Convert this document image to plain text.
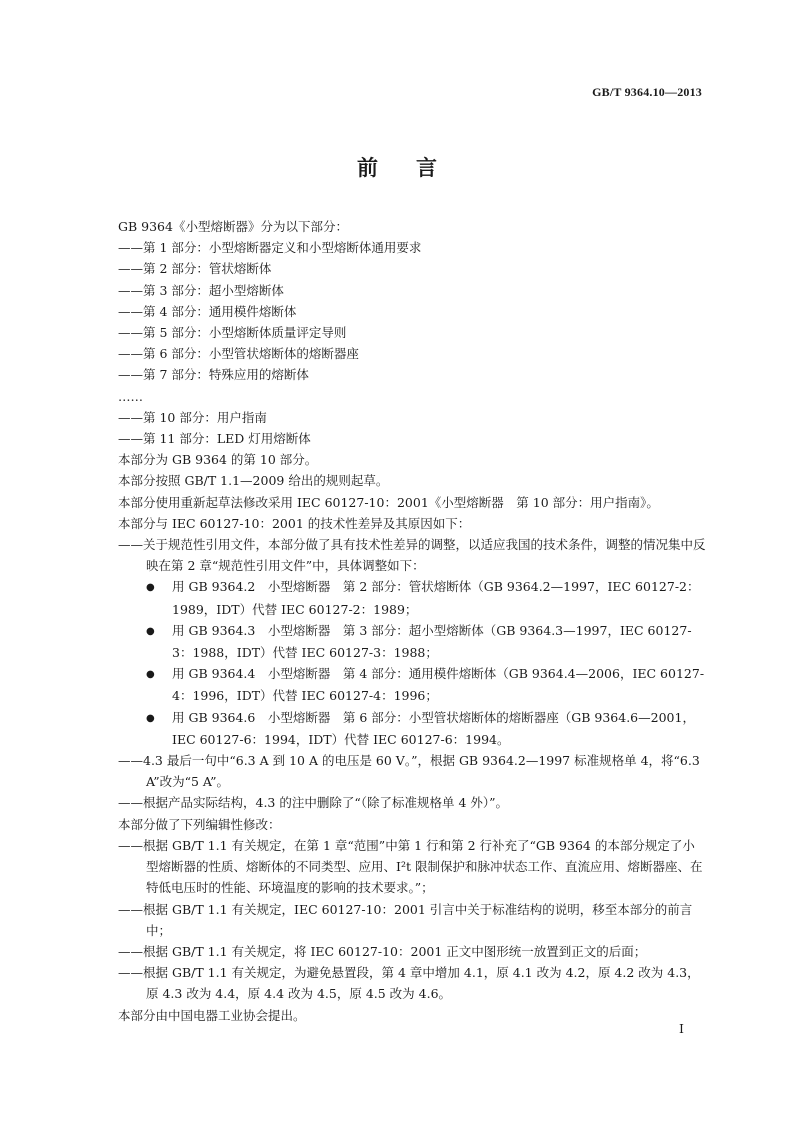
GB/T 9364.10—2013
前言

GB 9364《小型熔断器》分为以下部分：

——第 1 部分：小型熔断器定义和小型熔断体通用要求

——第 2 部分：管状熔断体

——第 3 部分：超小型熔断体

——第 4 部分：通用模件熔断体

——第 5 部分：小型熔断体质量评定导则

——第 6 部分：小型管状熔断体的熔断器座

——第 7 部分：特殊应用的熔断体

……

——第 10 部分：用户指南

——第 11 部分：LED 灯用熔断体

本部分为 GB 9364 的第 10 部分。

本部分按照 GB/T 1.1—2009 给出的规则起草。

本部分使用重新起草法修改采用 IEC 60127-10：2001《小型熔断器　第 10 部分：用户指南》。

本部分与 IEC 60127-10：2001 的技术性差异及其原因如下：

——关于规范性引用文件，本部分做了具有技术性差异的调整，以适应我国的技术条件，调整的情况集中反映在第 2 章“规范性引用文件”中，具体调整如下：

●用 GB 9364.2　小型熔断器　第 2 部分：管状熔断体（GB 9364.2—1997，IEC 60127-2：1989，IDT）代替 IEC 60127-2：1989；

●用 GB 9364.3　小型熔断器　第 3 部分：超小型熔断体（GB 9364.3—1997，IEC 60127-3：1988，IDT）代替 IEC 60127-3：1988；

●用 GB 9364.4　小型熔断器　第 4 部分：通用模件熔断体（GB 9364.4—2006，IEC 60127-4：1996，IDT）代替 IEC 60127-4：1996；

●用 GB 9364.6　小型熔断器　第 6 部分：小型管状熔断体的熔断器座（GB 9364.6—2001，IEC 60127-6：1994，IDT）代替 IEC 60127-6：1994。

——4.3 最后一句中“6.3 A 到 10 A 的电压是 60 V。”，根据 GB 9364.2—1997 标准规格单 4，将“6.3 A”改为“5 A”。

——根据产品实际结构，4.3 的注中删除了“（除了标准规格单 4 外）”。

本部分做了下列编辑性修改：

——根据 GB/T 1.1 有关规定，在第 1 章“范围”中第 1 行和第 2 行补充了“GB 9364 的本部分规定了小型熔断器的性质、熔断体的不同类型、应用、I²t 限制保护和脉冲状态工作、直流应用、熔断器座、在特低电压时的性能、环境温度的影响的技术要求。”；

——根据 GB/T 1.1 有关规定，IEC 60127-10：2001 引言中关于标准结构的说明，移至本部分的前言中；

——根据 GB/T 1.1 有关规定，将 IEC 60127-10：2001 正文中图形统一放置到正文的后面；

——根据 GB/T 1.1 有关规定，为避免悬置段，第 4 章中增加 4.1，原 4.1 改为 4.2，原 4.2 改为 4.3，原 4.3 改为 4.4，原 4.4 改为 4.5，原 4.5 改为 4.6。

本部分由中国电器工业协会提出。

I
